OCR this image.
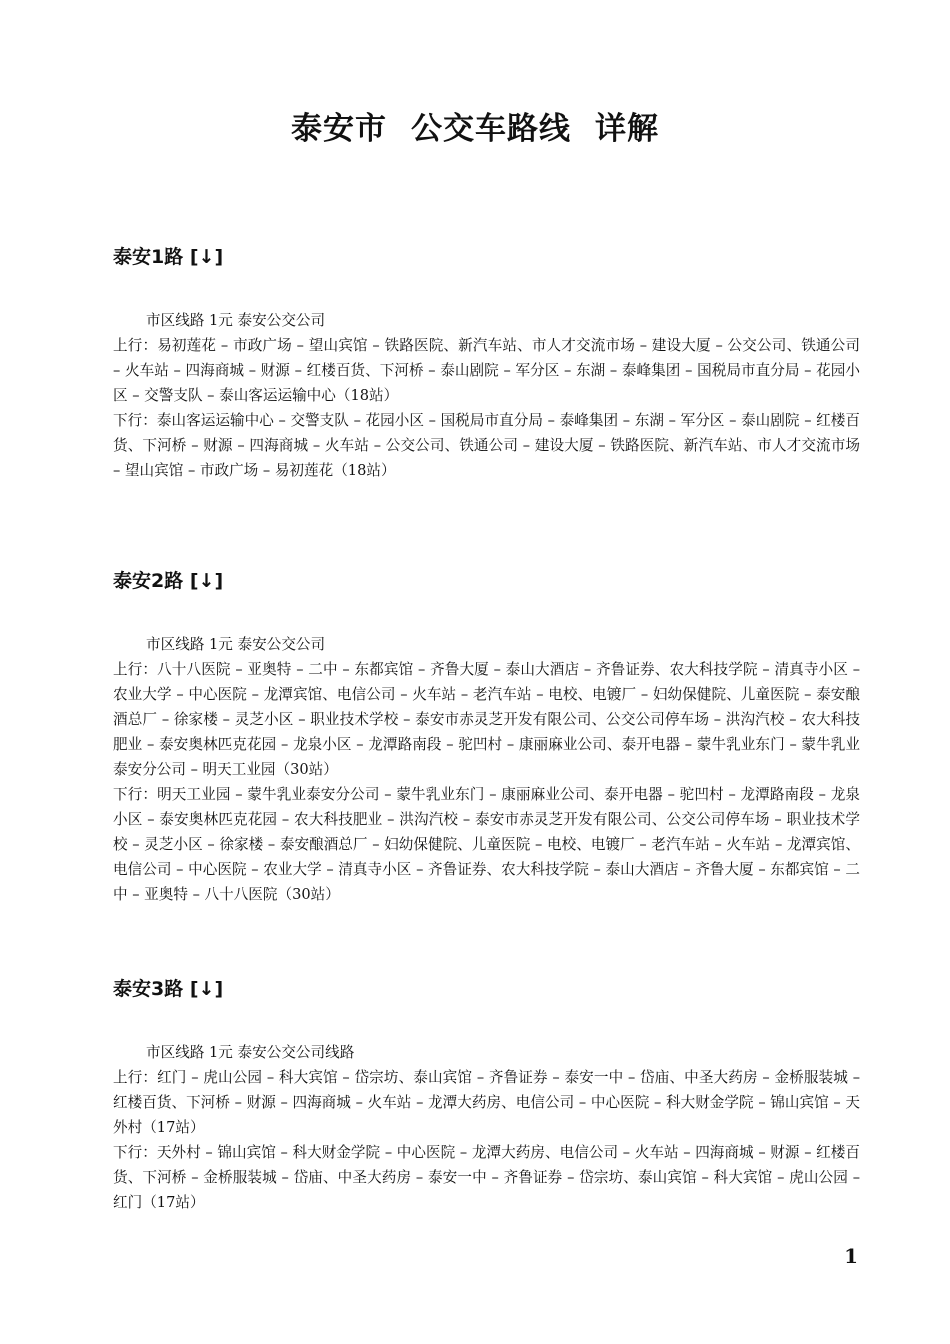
泰安市 公交车路线 详解
泰安1路 [↓]

市区线路 1元 泰安公交公司

上行：易初莲花 – 市政广场 – 望山宾馆 – 铁路医院、新汽车站、市人才交流市场 – 建设大厦 – 公交公司、铁通公司 – 火车站 – 四海商城 – 财源 – 红楼百货、下河桥 – 泰山剧院 – 军分区 – 东湖 – 泰峰集团 – 国税局市直分局 – 花园小区 – 交警支队 – 泰山客运运输中心（18站）

下行：泰山客运运输中心 – 交警支队 – 花园小区 – 国税局市直分局 – 泰峰集团 – 东湖 – 军分区 – 泰山剧院 – 红楼百货、下河桥 – 财源 – 四海商城 – 火车站 – 公交公司、铁通公司 – 建设大厦 – 铁路医院、新汽车站、市人才交流市场 – 望山宾馆 – 市政广场 – 易初莲花（18站）

泰安2路 [↓]

市区线路 1元 泰安公交公司

上行：八十八医院 – 亚奥特 – 二中 – 东都宾馆 – 齐鲁大厦 – 泰山大酒店 – 齐鲁证券、农大科技学院 – 清真寺小区 – 农业大学 – 中心医院 – 龙潭宾馆、电信公司 – 火车站 – 老汽车站 – 电校、电镀厂 – 妇幼保健院、儿童医院 – 泰安酿酒总厂 – 徐家楼 – 灵芝小区 – 职业技术学校 – 泰安市赤灵芝开发有限公司、公交公司停车场 – 洪沟汽校 – 农大科技肥业 – 泰安奥林匹克花园 – 龙泉小区 – 龙潭路南段 – 驼凹村 – 康丽麻业公司、泰开电器 – 蒙牛乳业东门 – 蒙牛乳业泰安分公司 – 明天工业园（30站）

下行：明天工业园 – 蒙牛乳业泰安分公司 – 蒙牛乳业东门 – 康丽麻业公司、泰开电器 – 驼凹村 – 龙潭路南段 – 龙泉小区 – 泰安奥林匹克花园 – 农大科技肥业 – 洪沟汽校 – 泰安市赤灵芝开发有限公司、公交公司停车场 – 职业技术学校 – 灵芝小区 – 徐家楼 – 泰安酿酒总厂 – 妇幼保健院、儿童医院 – 电校、电镀厂 – 老汽车站 – 火车站 – 龙潭宾馆、电信公司 – 中心医院 – 农业大学 – 清真寺小区 – 齐鲁证券、农大科技学院 – 泰山大酒店 – 齐鲁大厦 – 东都宾馆 – 二中 – 亚奥特 – 八十八医院（30站）

泰安3路 [↓]

市区线路 1元 泰安公交公司线路

上行：红门 – 虎山公园 – 科大宾馆 – 岱宗坊、泰山宾馆 – 齐鲁证券 – 泰安一中 – 岱庙、中圣大药房 – 金桥服装城 – 红楼百货、下河桥 – 财源 – 四海商城 – 火车站 – 龙潭大药房、电信公司 – 中心医院 – 科大财金学院 – 锦山宾馆 – 天外村（17站）

下行：天外村 – 锦山宾馆 – 科大财金学院 – 中心医院 – 龙潭大药房、电信公司 – 火车站 – 四海商城 – 财源 – 红楼百货、下河桥 – 金桥服装城 – 岱庙、中圣大药房 – 泰安一中 – 齐鲁证券 – 岱宗坊、泰山宾馆 – 科大宾馆 – 虎山公园 – 红门（17站）

1
